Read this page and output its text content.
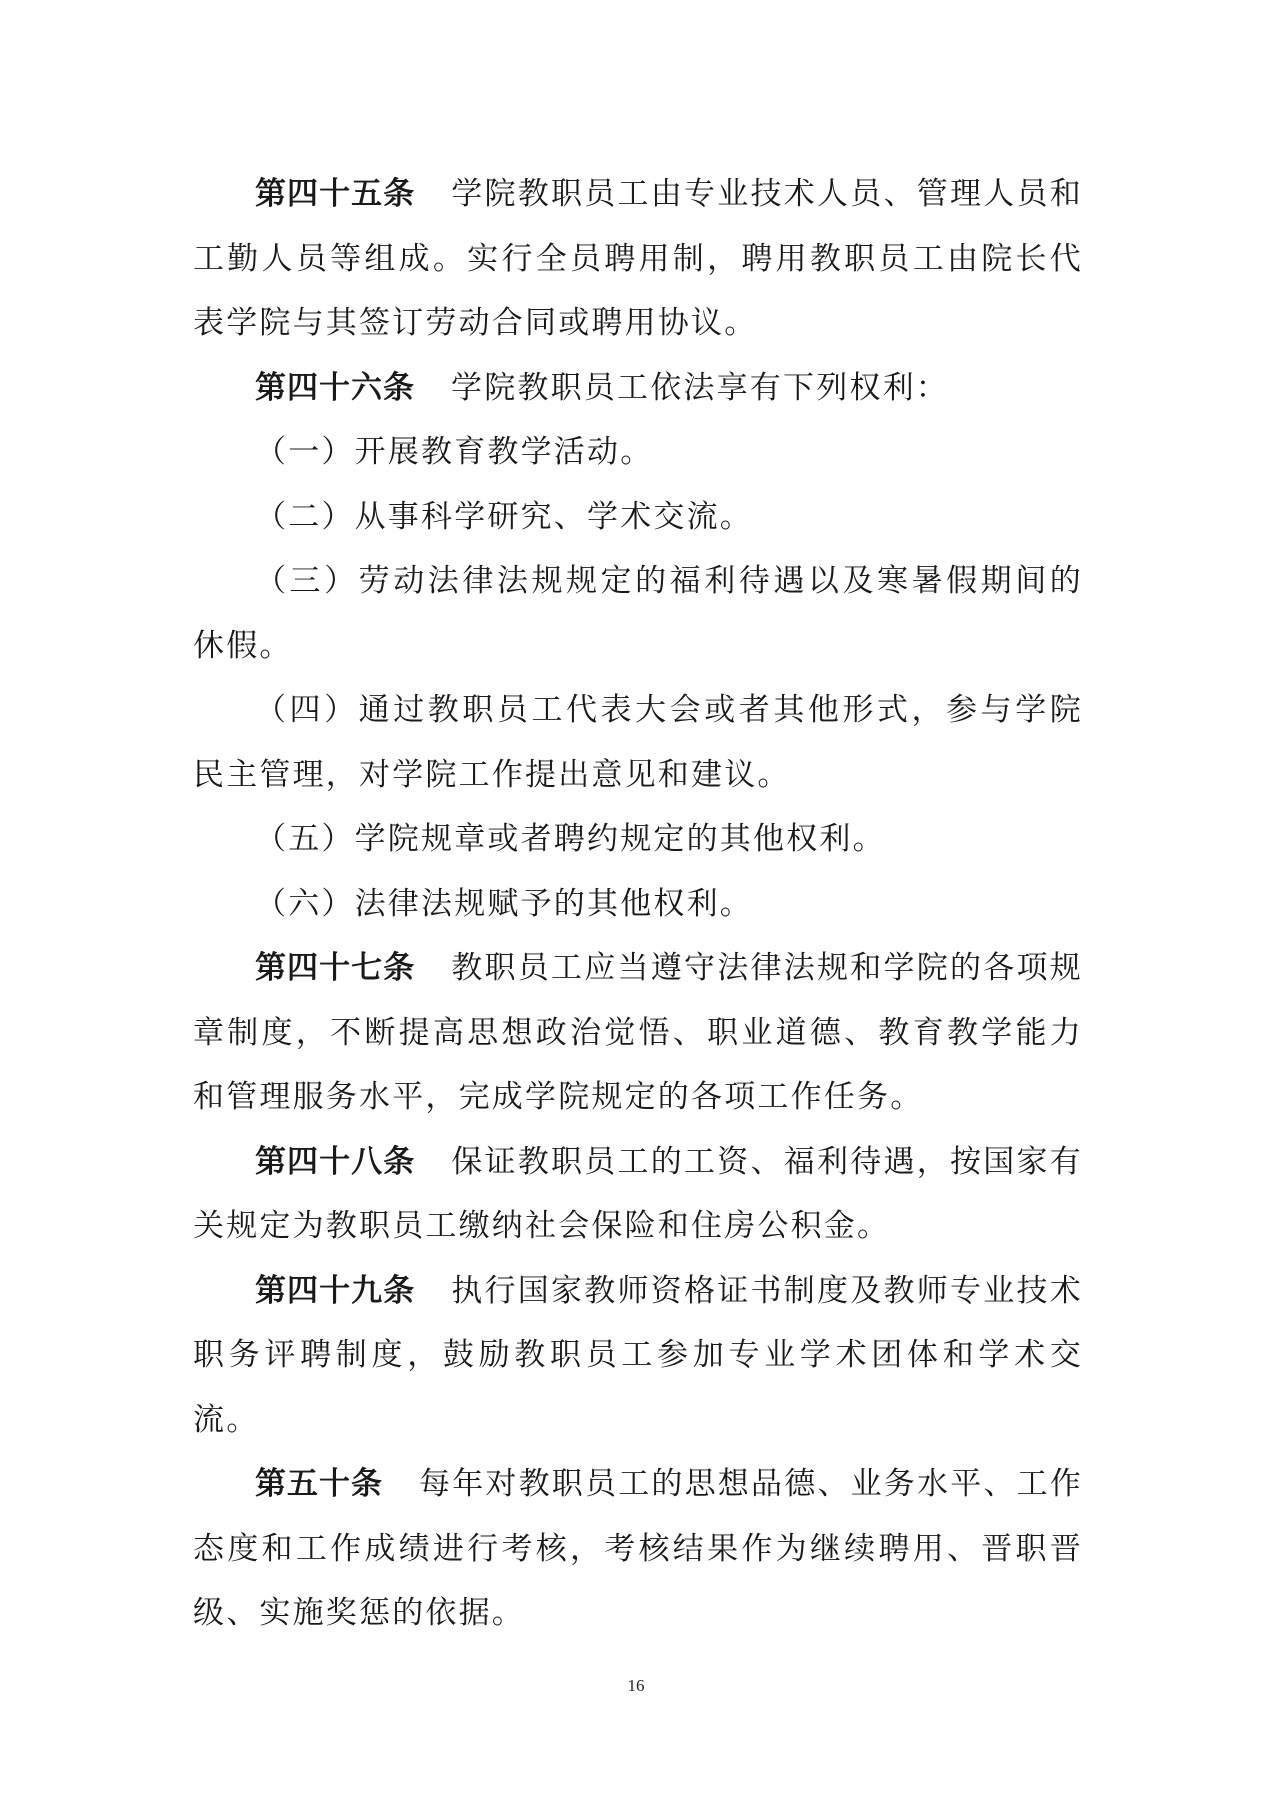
第四十五条 学院教职员工由专业技术人员、管理人员和工勤人员等组成。实行全员聘用制，聘用教职员工由院长代表学院与其签订劳动合同或聘用协议。

第四十六条 学院教职员工依法享有下列权利：

（一）开展教育教学活动。

（二）从事科学研究、学术交流。

（三）劳动法律法规规定的福利待遇以及寒暑假期间的休假。

（四）通过教职员工代表大会或者其他形式，参与学院民主管理，对学院工作提出意见和建议。

（五）学院规章或者聘约规定的其他权利。

（六）法律法规赋予的其他权利。

第四十七条 教职员工应当遵守法律法规和学院的各项规章制度，不断提高思想政治觉悟、职业道德、教育教学能力和管理服务水平，完成学院规定的各项工作任务。

第四十八条 保证教职员工的工资、福利待遇，按国家有关规定为教职员工缴纳社会保险和住房公积金。

第四十九条 执行国家教师资格证书制度及教师专业技术职务评聘制度，鼓励教职员工参加专业学术团体和学术交流。

第五十条 每年对教职员工的思想品德、业务水平、工作态度和工作成绩进行考核，考核结果作为继续聘用、晋职晋级、实施奖惩的依据。

16
